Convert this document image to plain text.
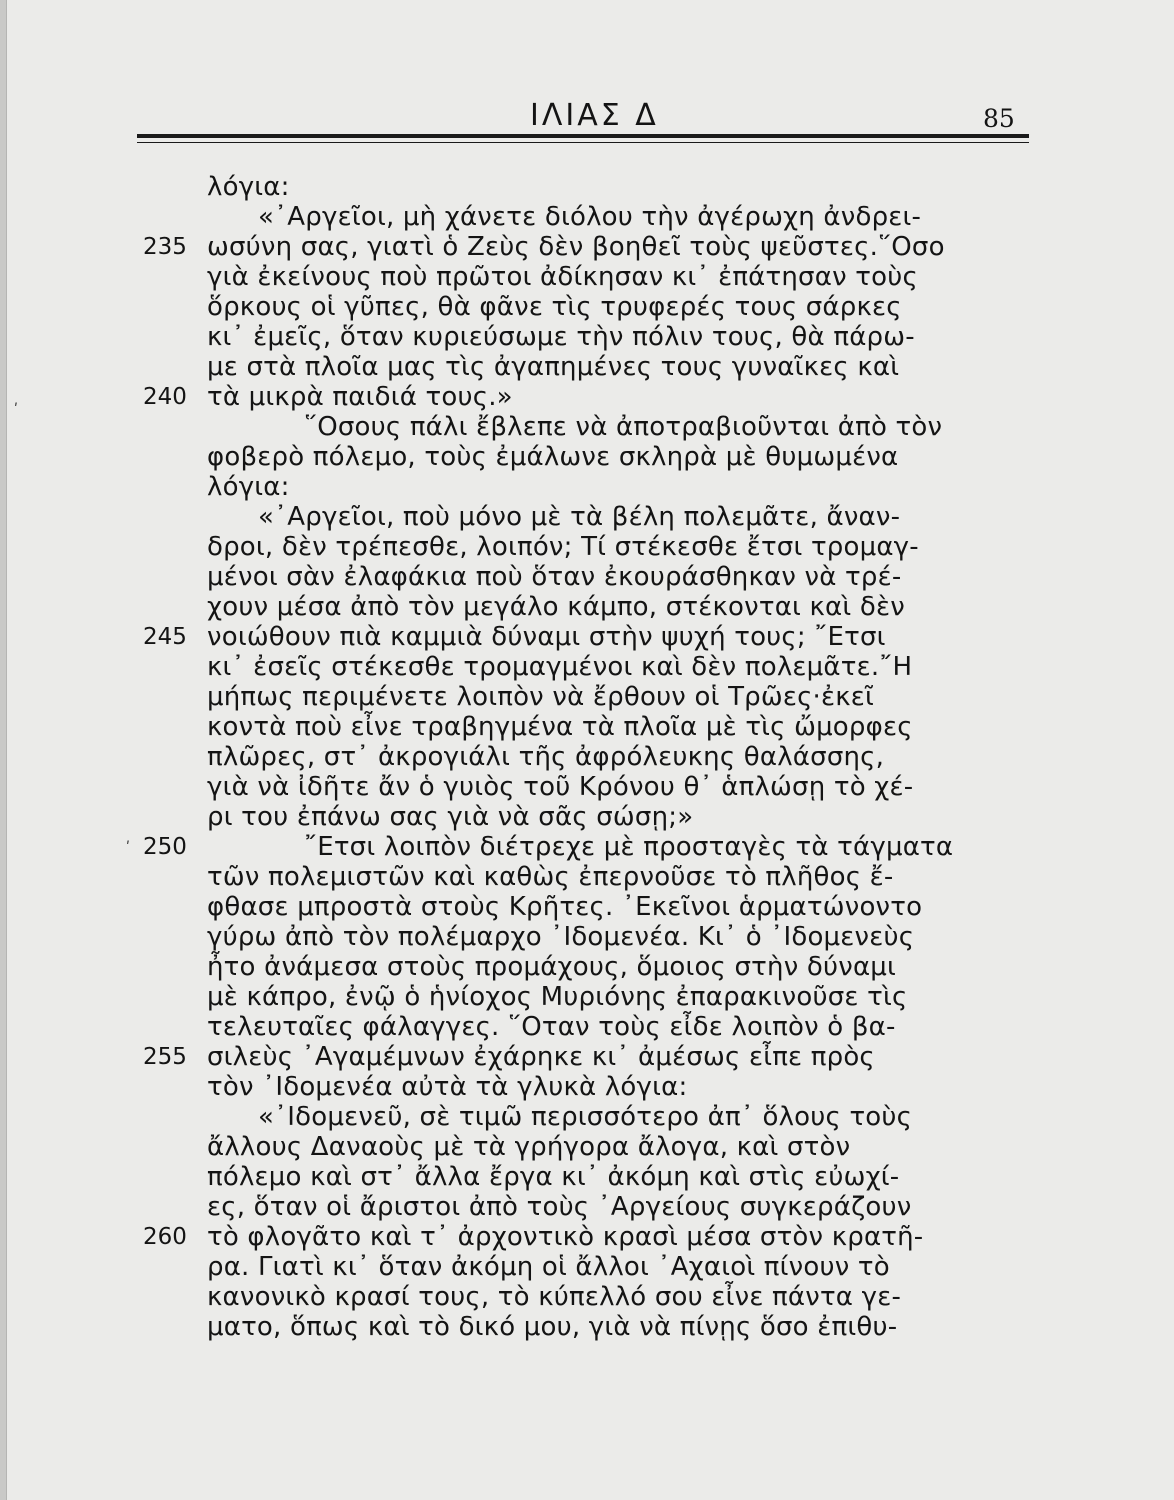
ΙΛΙΑΣ Δ	85
ʹ
ʹ
235
240
245
250
255
260
λόγια:
«᾿Αργεῖοι, μὴ χάνετε διόλου τὴν ἀγέρωχη ἀνδρει-
ωσύνη σας, γιατὶ ὁ Ζεὺς δὲν βοηθεῖ τοὺς ψεῦστες.῞Οσο
γιὰ ἐκείνους ποὺ πρῶτοι ἀδίκησαν κι᾿ ἐπάτησαν τοὺς
ὅρκους οἱ γῦπες, θὰ φᾶνε τὶς τρυφερές τους σάρκες
κι᾿ ἐμεῖς, ὅταν κυριεύσωμε τὴν πόλιν τους, θὰ πάρω-
με στὰ πλοῖα μας τὶς ἀγαπημένες τους γυναῖκες καὶ
τὰ μικρὰ παιδιά τους.»
῞Οσους πάλι ἔβλεπε νὰ ἀποτραβιοῦνται ἀπὸ τὸν
φοβερὸ πόλεμο, τοὺς ἐμάλωνε σκληρὰ μὲ θυμωμένα
λόγια:
«᾿Αργεῖοι, ποὺ μόνο μὲ τὰ βέλη πολεμᾶτε, ἄναν-
δροι, δὲν τρέπεσθε, λοιπόν; Τί στέκεσθε ἔτσι τρομαγ-
μένοι σὰν ἐλαφάκια ποὺ ὅταν ἐκουράσθηκαν νὰ τρέ-
χουν μέσα ἀπὸ τὸν μεγάλο κάμπο, στέκονται καὶ δὲν
νοιώθουν πιὰ καμμιὰ δύναμι στὴν ψυχή τους; ῎Ετσι
κι᾿ ἐσεῖς στέκεσθε τρομαγμένοι καὶ δὲν πολεμᾶτε.῎Η
μήπως περιμένετε λοιπὸν νὰ ἔρθουν οἱ Τρῶες·ἐκεῖ
κοντὰ ποὺ εἶνε τραβηγμένα τὰ πλοῖα μὲ τὶς ὤμορφες
πλῶρες, στ᾿ ἀκρογιάλι τῆς ἀφρόλευκης θαλάσσης,
γιὰ νὰ ἰδῆτε ἄν ὁ γυιὸς τοῦ Κρόνου θ᾿ ἁπλώσῃ τὸ χέ-
ρι του ἐπάνω σας γιὰ νὰ σᾶς σώσῃ;»
῎Ετσι λοιπὸν διέτρεχε μὲ προσταγὲς τὰ τάγματα
τῶν πολεμιστῶν καὶ καθὼς ἐπερνοῦσε τὸ πλῆθος ἔ-
φθασε μπροστὰ στοὺς Κρῆτες. ᾿Εκεῖνοι ἁρματώνοντο
γύρω ἀπὸ τὸν πολέμαρχο ᾿Ιδομενέα. Κι᾿ ὁ ᾿Ιδομενεὺς
ἦτο ἀνάμεσα στοὺς προμάχους, ὅμοιος στὴν δύναμι
μὲ κάπρο, ἐνῷ ὁ ἡνίοχος Μυριόνης ἐπαρακινοῦσε τὶς
τελευταῖες φάλαγγες. ῞Οταν τοὺς εἶδε λοιπὸν ὁ βα-
σιλεὺς ᾿Αγαμέμνων ἐχάρηκε κι᾿ ἀμέσως εἶπε πρὸς
τὸν ᾿Ιδομενέα αὐτὰ τὰ γλυκὰ λόγια:
«᾿Ιδομενεῦ, σὲ τιμῶ περισσότερο ἀπ᾿ ὅλους τοὺς
ἄλλους Δαναοὺς μὲ τὰ γρήγορα ἄλογα, καὶ στὸν
πόλεμο καὶ στ᾿ ἄλλα ἔργα κι᾿ ἀκόμη καὶ στὶς εὐωχί-
ες, ὅταν οἱ ἄριστοι ἀπὸ τοὺς ᾿Αργείους συγκεράζουν
τὸ φλογᾶτο καὶ τ᾿ ἀρχοντικὸ κρασὶ μέσα στὸν κρατῆ-
ρα. Γιατὶ κι᾿ ὅταν ἀκόμη οἱ ἄλλοι ᾿Αχαιοὶ πίνουν τὸ
κανονικὸ κρασί τους, τὸ κύπελλό σου εἶνε πάντα γε-
ματο, ὅπως καὶ τὸ δικό μου, γιὰ νὰ πίνῃς ὅσο ἐπιθυ-
